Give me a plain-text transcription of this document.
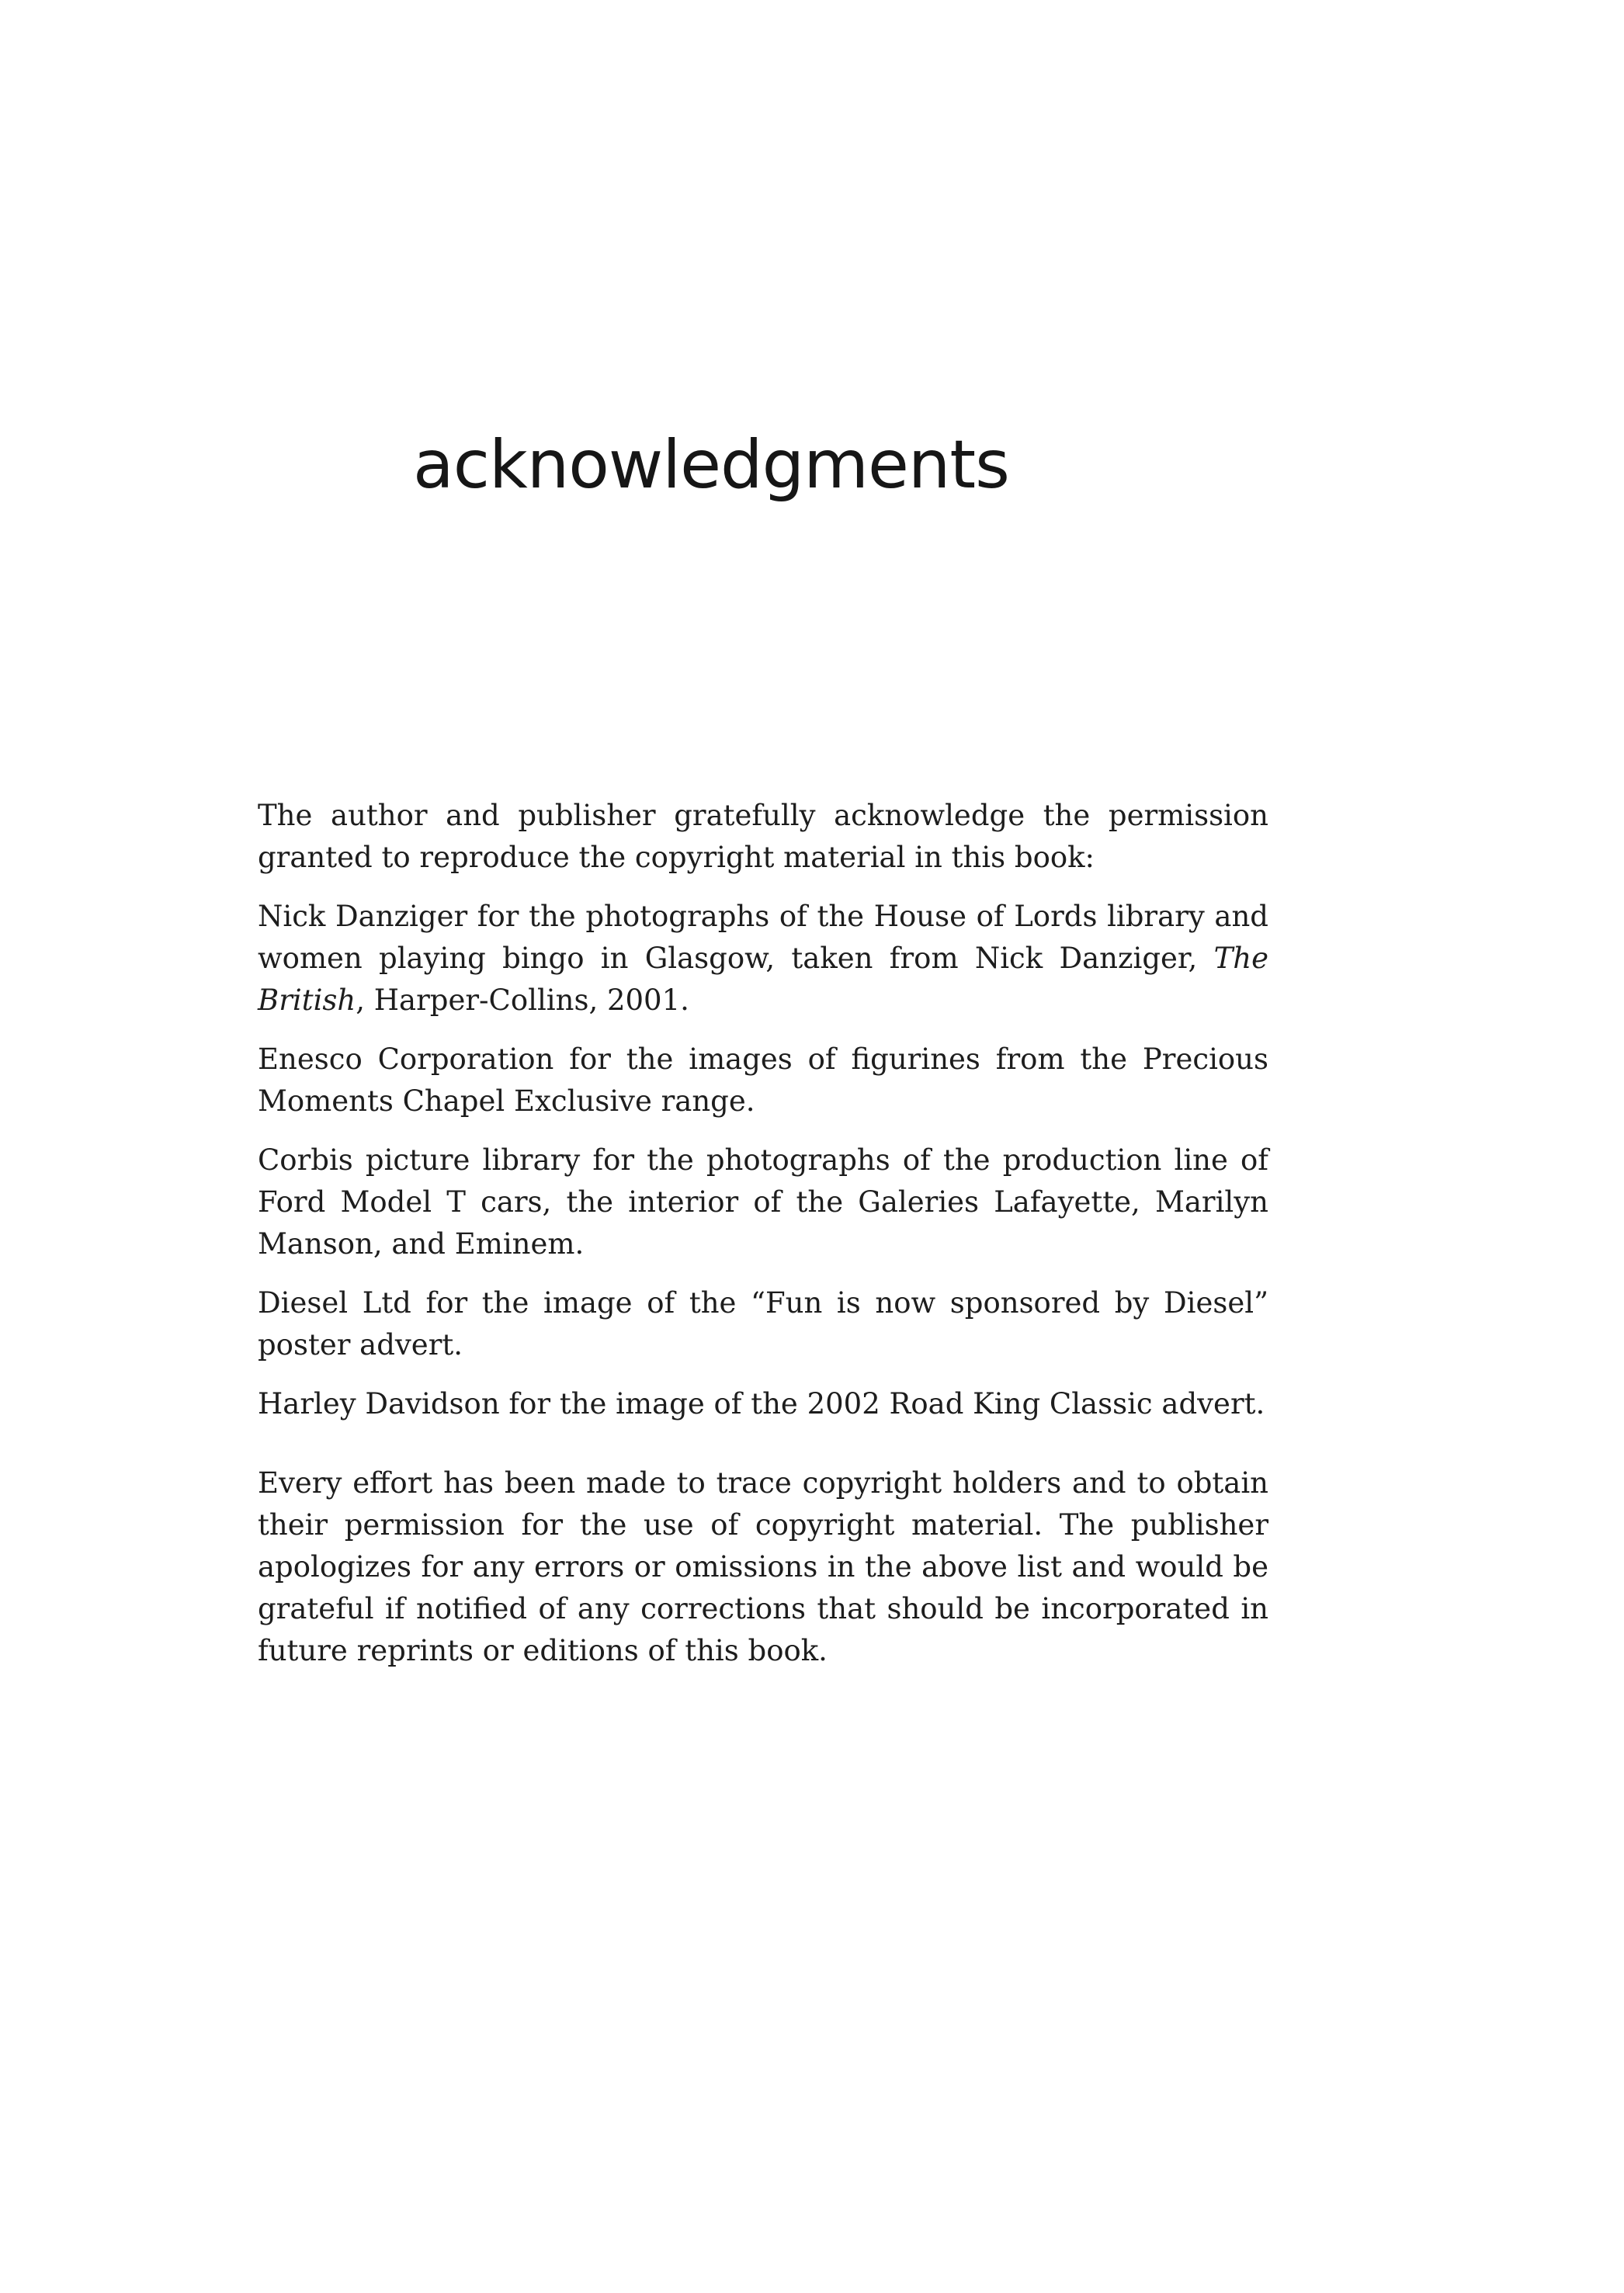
acknowledgments

The author and publisher gratefully acknowledge the permission granted to reproduce the copyright material in this book:

Nick Danziger for the photographs of the House of Lords library and women playing bingo in Glasgow, taken from Nick Danziger, The British, Harper-Collins, 2001.

Enesco Corporation for the images of figurines from the Precious Moments Chapel Exclusive range.

Corbis picture library for the photographs of the production line of Ford Model T cars, the interior of the Galeries Lafayette, Marilyn Manson, and Eminem.

Diesel Ltd for the image of the “Fun is now sponsored by Diesel” poster advert.

Harley Davidson for the image of the 2002 Road King Classic advert.

Every effort has been made to trace copyright holders and to obtain their permission for the use of copyright material. The publisher apologizes for any errors or omissions in the above list and would be grateful if notified of any corrections that should be incorporated in future reprints or editions of this book.
